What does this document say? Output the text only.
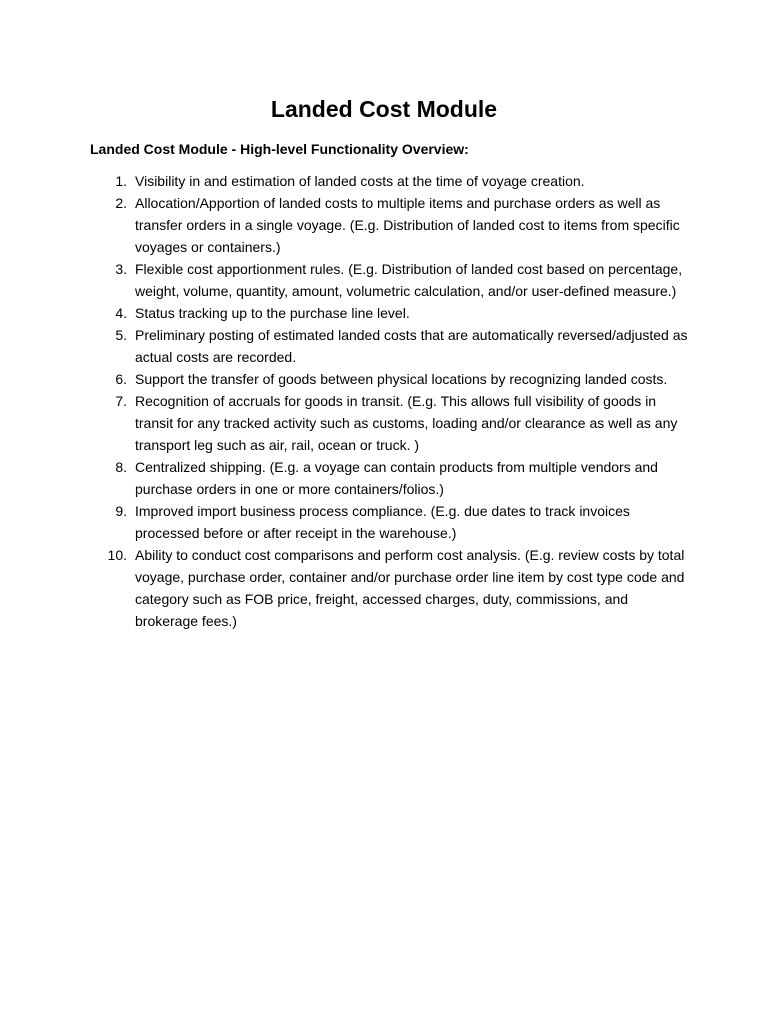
Landed Cost Module

Landed Cost Module - High-level Functionality Overview:

1. Visibility in and estimation of landed costs at the time of voyage creation.
2. Allocation/Apportion of landed costs to multiple items and purchase orders as well as transfer orders in a single voyage. (E.g. Distribution of landed cost to items from specific voyages or containers.)
3. Flexible cost apportionment rules. (E.g. Distribution of landed cost based on percentage, weight, volume, quantity, amount, volumetric calculation, and/or user-defined measure.)
4. Status tracking up to the purchase line level.
5. Preliminary posting of estimated landed costs that are automatically reversed/adjusted as actual costs are recorded.
6. Support the transfer of goods between physical locations by recognizing landed costs.
7. Recognition of accruals for goods in transit. (E.g. This allows full visibility of goods in transit for any tracked activity such as customs, loading and/or clearance as well as any transport leg such as air, rail, ocean or truck. )
8. Centralized shipping. (E.g. a voyage can contain products from multiple vendors and purchase orders in one or more containers/folios.)
9. Improved import business process compliance. (E.g. due dates to track invoices processed before or after receipt in the warehouse.)
10. Ability to conduct cost comparisons and perform cost analysis. (E.g. review costs by total voyage, purchase order, container and/or purchase order line item by cost type code and category such as FOB price, freight, accessed charges, duty, commissions, and brokerage fees.)
